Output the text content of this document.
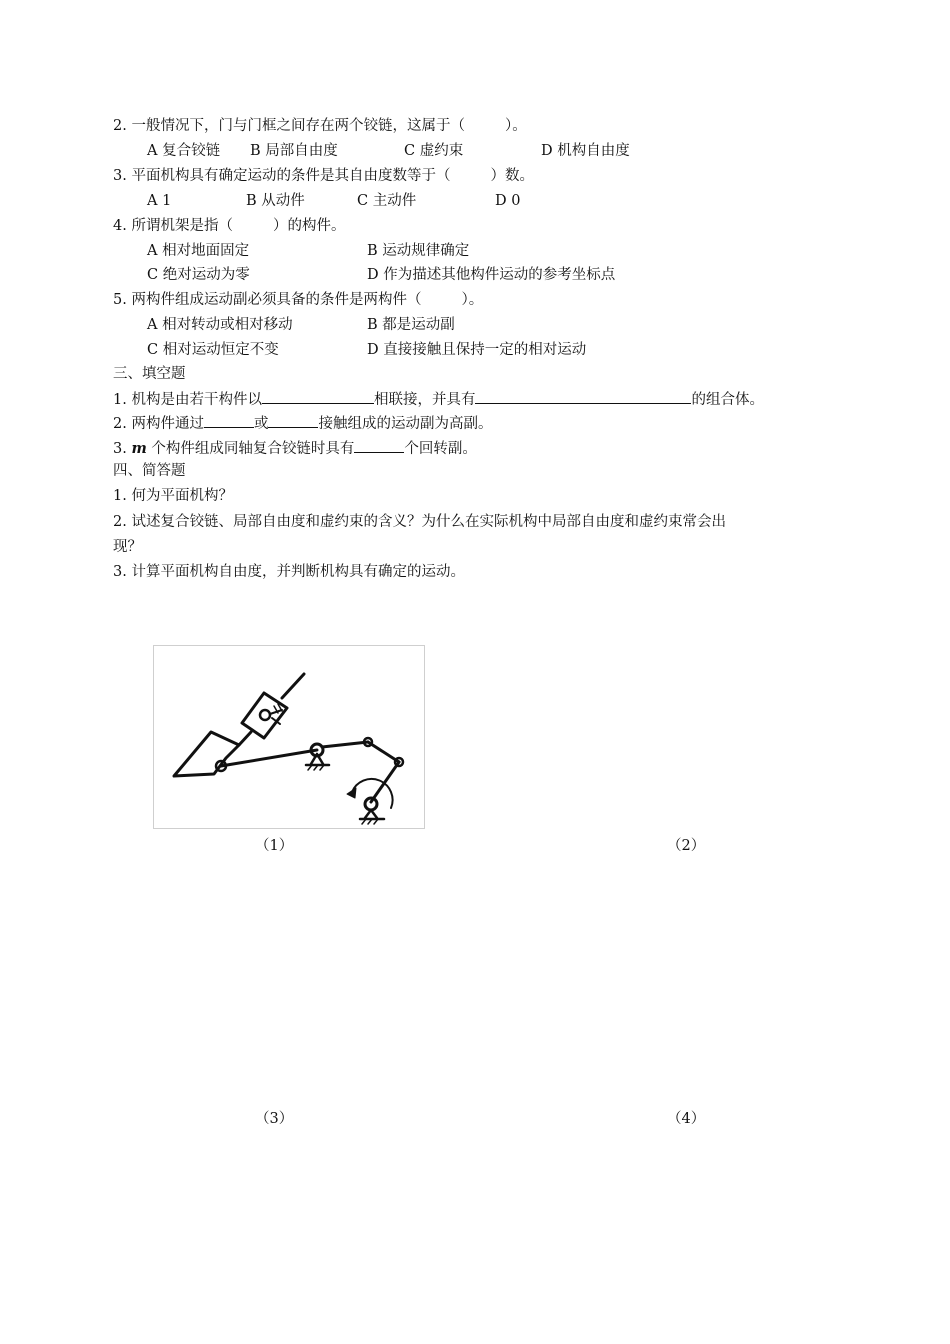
2. 一般情况下，门与门框之间存在两个铰链，这属于（	）。
A 复合铰链 B 局部自由度	C 虚约束	D 机构自由度
3. 平面机构具有确定运动的条件是其自由度数等于（	）数。
A 1	B 从动件	C 主动件	D 0
4. 所谓机架是指（	）的构件。
A 相对地面固定	B 运动规律确定
C 绝对运动为零	D 作为描述其他构件运动的参考坐标点
5. 两构件组成运动副必须具备的条件是两构件（	）。
A 相对转动或相对移动	B 都是运动副
C 相对运动恒定不变	D 直接接触且保持一定的相对运动
三、填空题
1. 机构是由若干构件以	相联接，并具有	的组合体。
2. 两构件通过	或	接触组成的运动副为高副。
3. m 个构件组成同轴复合铰链时具有	个回转副。
四、简答题
1. 何为平面机构？
2. 试述复合铰链、局部自由度和虚约束的含义？为什么在实际机构中局部自由度和虚约束常会出
现？
3. 计算平面机构自由度，并判断机构具有确定的运动。
（1）	（2）
（3）	（4）
